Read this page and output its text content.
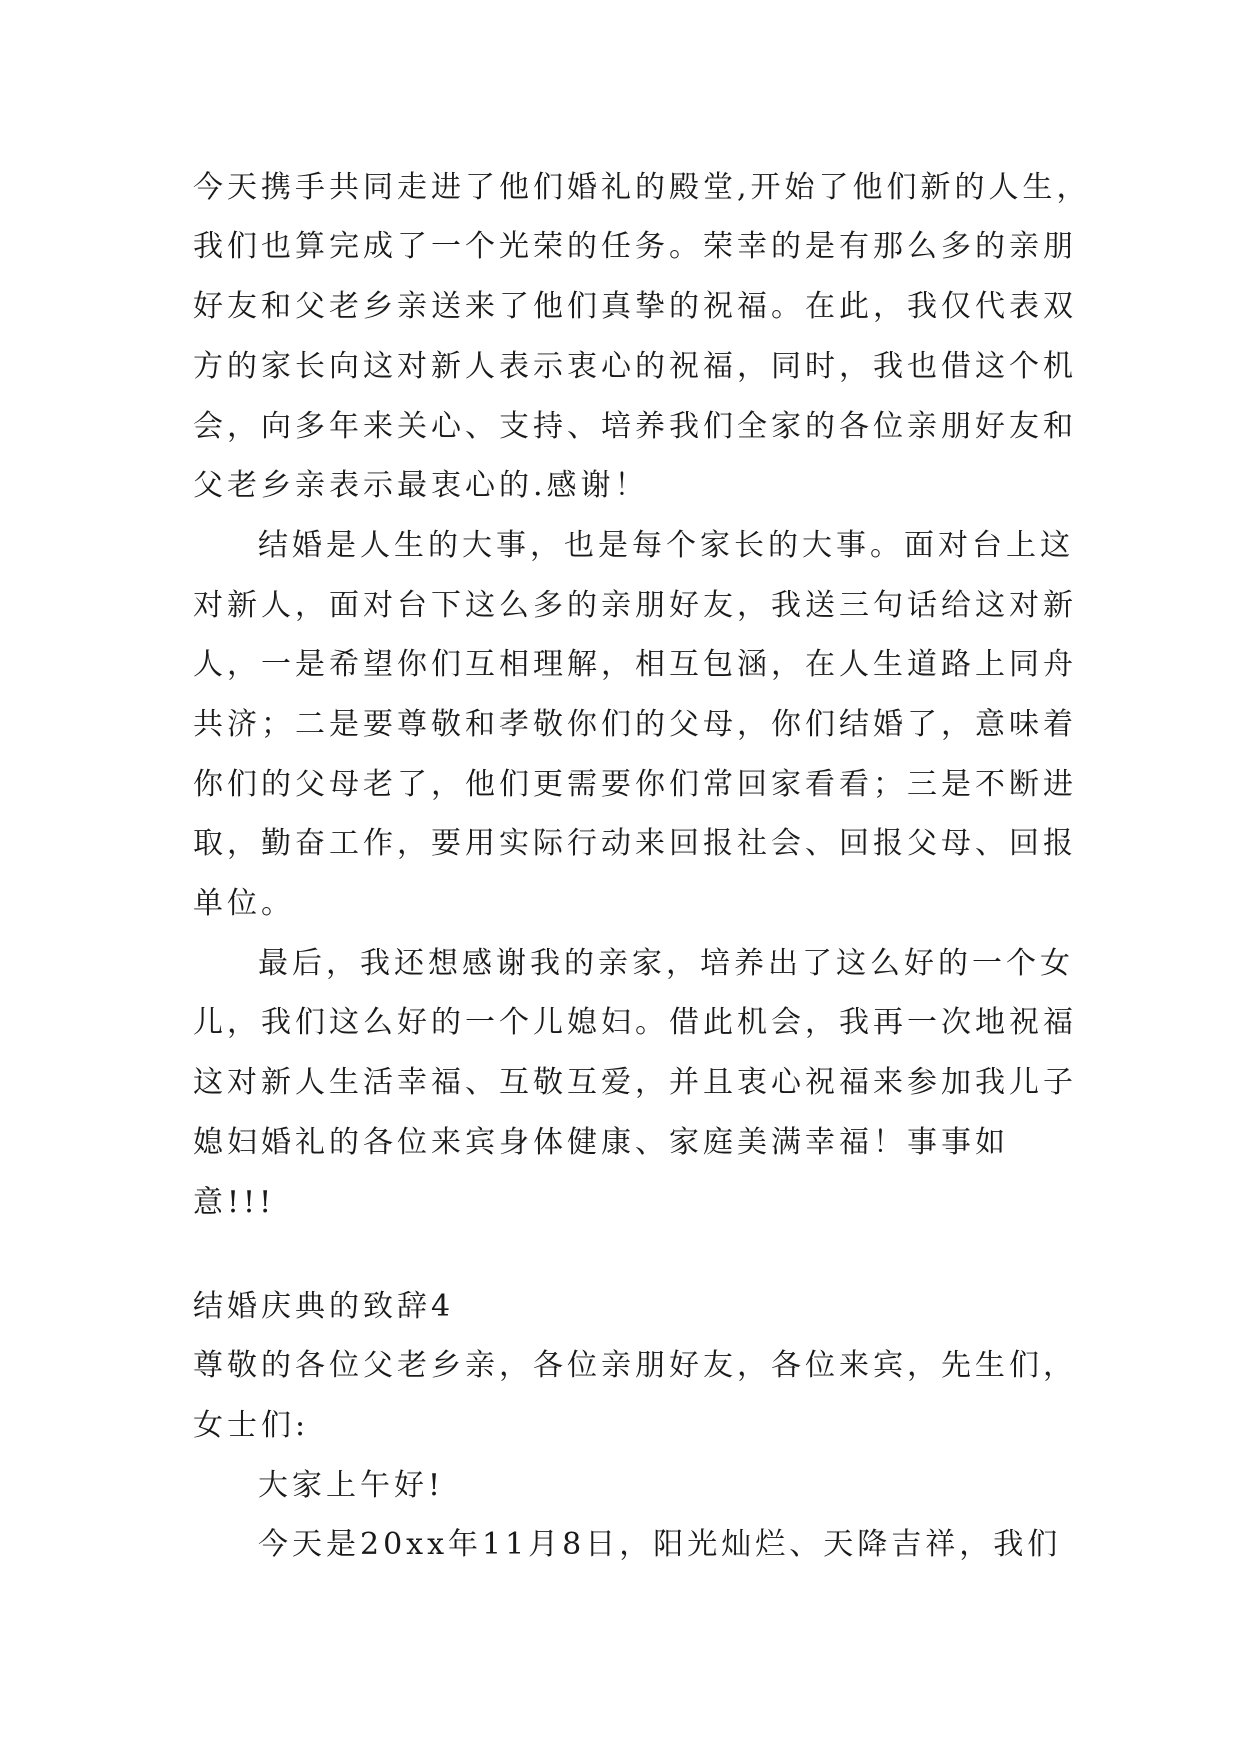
今天携手共同走进了他们婚礼的殿堂,开始了他们新的人生，
我们也算完成了一个光荣的任务。荣幸的是有那么多的亲朋
好友和父老乡亲送来了他们真挚的祝福。在此，我仅代表双
方的家长向这对新人表示衷心的祝福，同时，我也借这个机
会，向多年来关心、支持、培养我们全家的各位亲朋好友和
父老乡亲表示最衷心的.感谢！
结婚是人生的大事，也是每个家长的大事。面对台上这
对新人，面对台下这么多的亲朋好友，我送三句话给这对新
人，一是希望你们互相理解，相互包涵，在人生道路上同舟
共济；二是要尊敬和孝敬你们的父母，你们结婚了，意味着
你们的父母老了，他们更需要你们常回家看看；三是不断进
取，勤奋工作，要用实际行动来回报社会、回报父母、回报
单位。
最后，我还想感谢我的亲家，培养出了这么好的一个女
儿，我们这么好的一个儿媳妇。借此机会，我再一次地祝福
这对新人生活幸福、互敬互爱，并且衷心祝福来参加我儿子
媳妇婚礼的各位来宾身体健康、家庭美满幸福！事事如
意!!!
结婚庆典的致辞4
尊敬的各位父老乡亲，各位亲朋好友，各位来宾，先生们，
女士们:
大家上午好!
今天是20xx年11月8日，阳光灿烂、天降吉祥，我们
